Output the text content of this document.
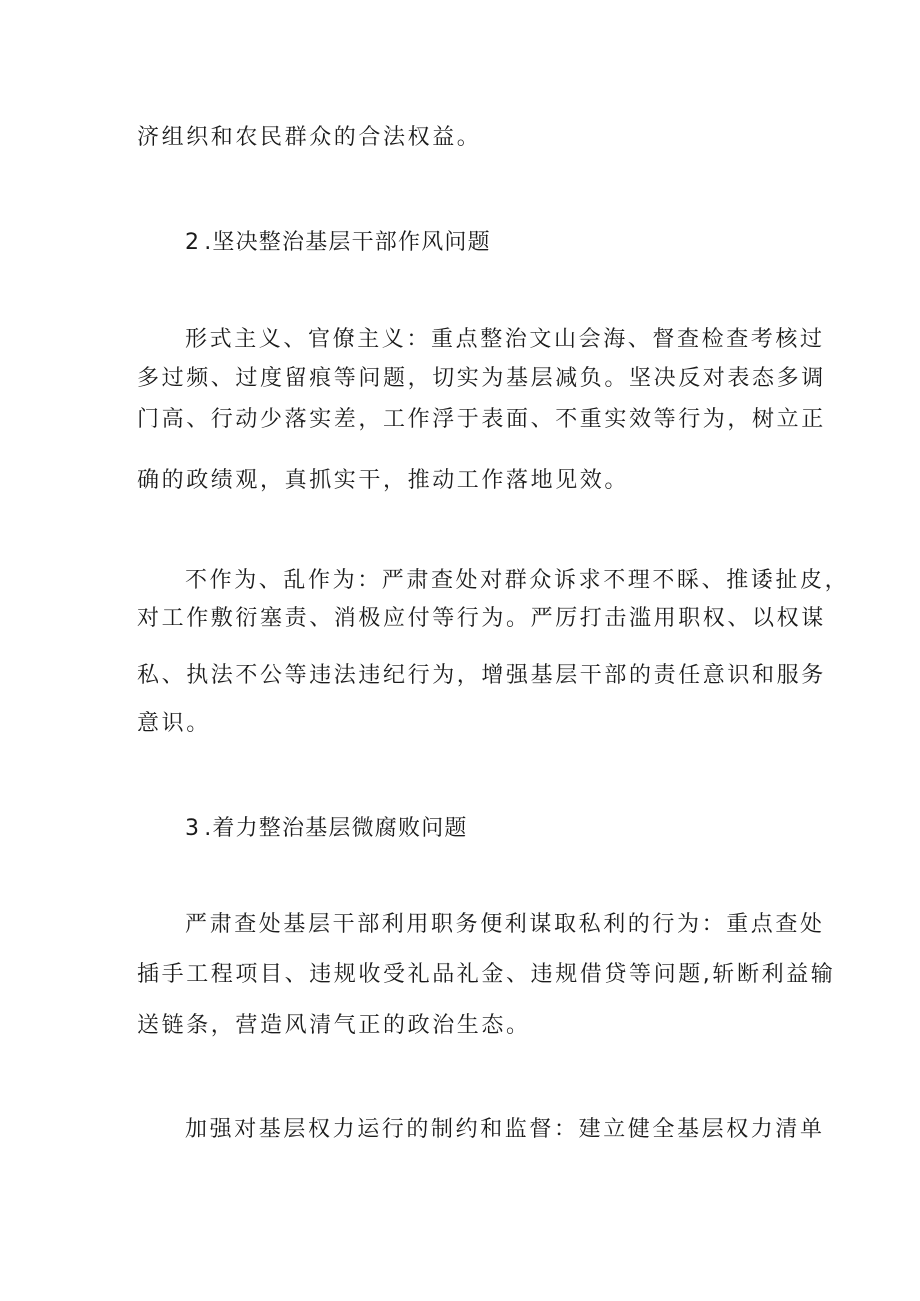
济组织和农民群众的合法权益。
2 .坚决整治基层干部作风问题
形式主义、官僚主义：重点整治文山会海、督查检查考核过
多过频、过度留痕等问题，切实为基层减负。坚决反对表态多调
门高、行动少落实差，工作浮于表面、不重实效等行为，树立正
确的政绩观，真抓实干，推动工作落地见效。
不作为、乱作为：严肃查处对群众诉求不理不睬、推诿扯皮，
对工作敷衍塞责、消极应付等行为。严厉打击滥用职权、以权谋
私、执法不公等违法违纪行为，增强基层干部的责任意识和服务
意识。
3 .着力整治基层微腐败问题
严肃查处基层干部利用职务便利谋取私利的行为：重点查处
插手工程项目、违规收受礼品礼金、违规借贷等问题,斩断利益输
送链条，营造风清气正的政治生态。
加强对基层权力运行的制约和监督：建立健全基层权力清单
